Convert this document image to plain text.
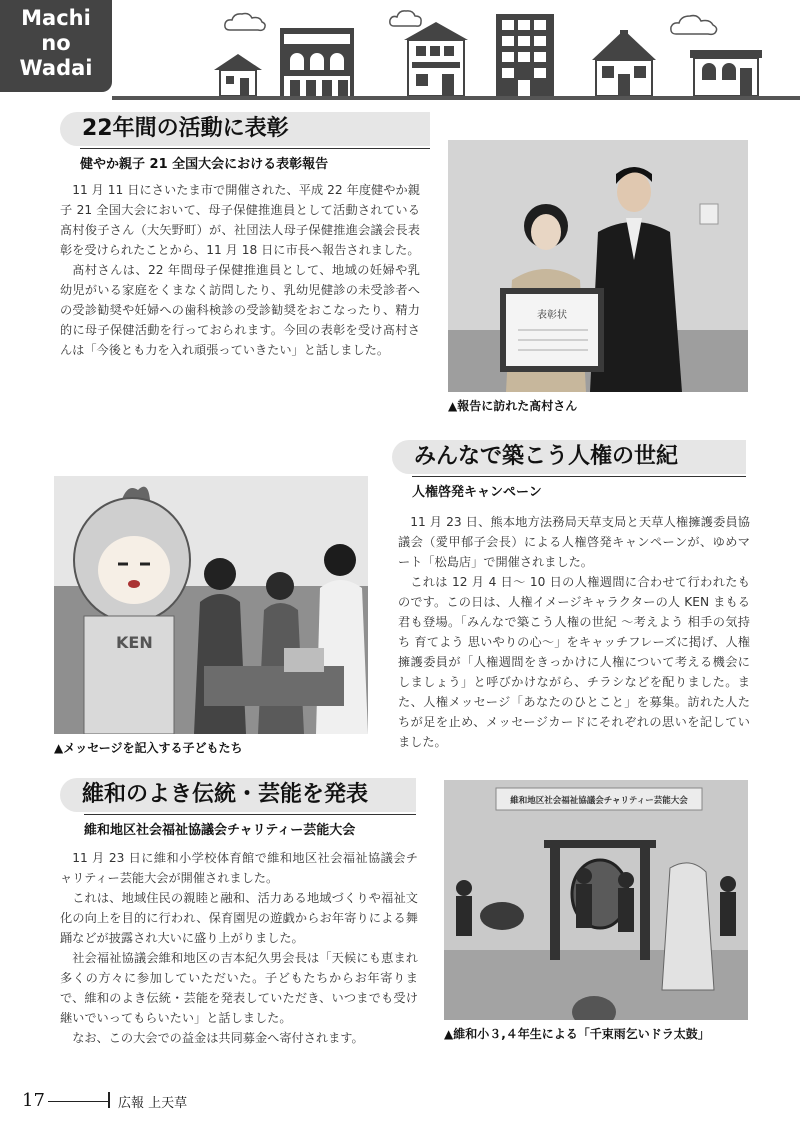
Machi
no
Wadai
22年間の活動に表彰
健やか親子 21 全国大会における表彰報告

11 月 11 日にさいたま市で開催された、平成 22 年度健やか親子 21 全国大会において、母子保健推進員として活動されている髙村俊子さん（大矢野町）が、社団法人母子保健推進会議会長表彰を受けられたことから、11 月 18 日に市長へ報告されました。

髙村さんは、22 年間母子保健推進員として、地域の妊婦や乳幼児がいる家庭をくまなく訪問したり、乳幼児健診の未受診者への受診勧奨や妊婦への歯科検診の受診勧奨をおこなったり、精力的に母子保健活動を行っておられます。今回の表彰を受け髙村さんは「今後とも力を入れ頑張っていきたい」と話しました。

表彰状
▲報告に訪れた髙村さん
みんなで築こう人権の世紀
人権啓発キャンペーン

11 月 23 日、熊本地方法務局天草支局と天草人権擁護委員協議会（愛甲郁子会長）による人権啓発キャンペーンが、ゆめマート「松島店」で開催されました。

これは 12 月 4 日～ 10 日の人権週間に合わせて行われたものです。この日は、人権イメージキャラクターの人 KEN まもる君も登場。「みんなで築こう人権の世紀 ～考えよう 相手の気持ち 育てよう 思いやりの心～」をキャッチフレーズに掲げ、人権擁護委員が「人権週間をきっかけに人権について考える機会にしましょう」と呼びかけながら、チラシなどを配りました。また、人権メッセージ「あなたのひとこと」を募集。訪れた人たちが足を止め、メッセージカードにそれぞれの思いを記していました。

KEN
▲メッセージを記入する子どもたち
維和のよき伝統・芸能を発表
維和地区社会福祉協議会チャリティー芸能大会

11 月 23 日に維和小学校体育館で維和地区社会福祉協議会チャリティー芸能大会が開催されました。

これは、地域住民の親睦と融和、活力ある地域づくりや福祉文化の向上を目的に行われ、保育園児の遊戯からお年寄りによる舞踊などが披露され大いに盛り上がりました。

社会福祉協議会維和地区の吉本紀久男会長は「天候にも恵まれ多くの方々に参加していただいた。子どもたちからお年寄りまで、維和のよき伝統・芸能を発表していただき、いつまでも受け継いでいってもらいたい」と話しました。

なお、この大会での益金は共同募金へ寄付されます。

維和地区社会福祉協議会チャリティー芸能大会
▲維和小３,４年生による「千束雨乞いドラ太鼓」
17	広報 上天草
